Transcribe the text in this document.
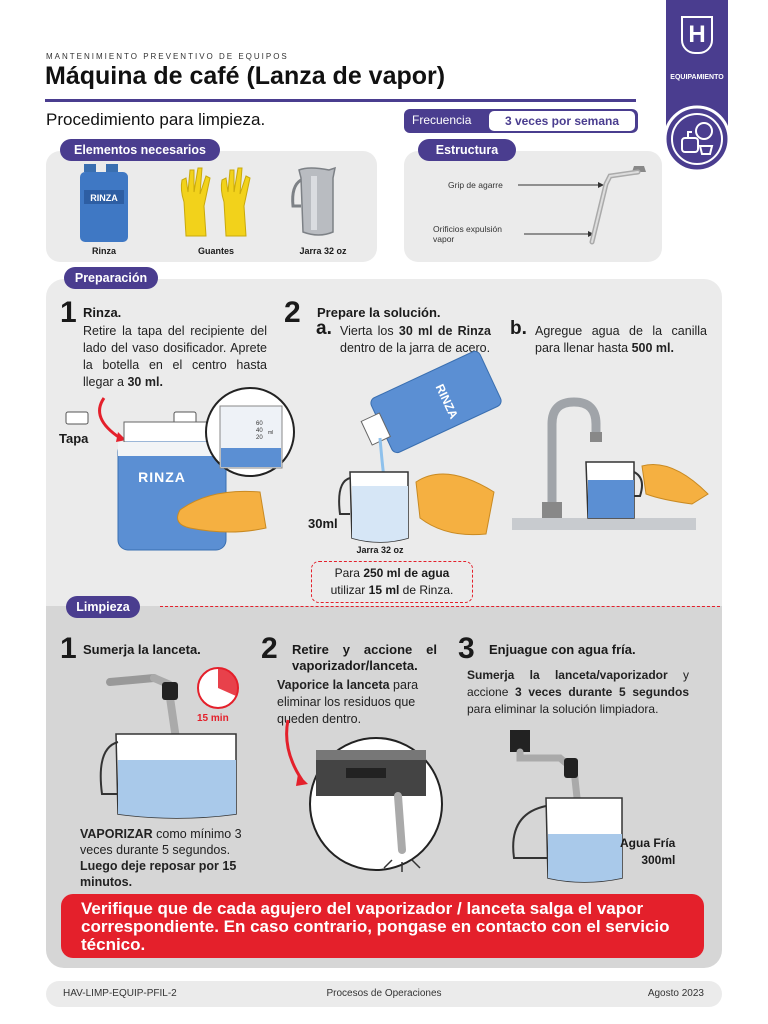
MANTENIMIENTO PREVENTIVO DE EQUIPOS
Máquina de café (Lanza de vapor)
Procedimiento para limpieza.	Frecuencia	3 veces por semana
H
EQUIPAMIENTO
Elementos necesarios
RINZA
Rinza	Guantes	Jarra 32 oz
Estructura
Grip de agarre
Orificios expulsión vapor
Preparación
1 Rinza.
Retire la tapa del recipiente del lado del vaso dosificador. Aprete la botella en el centro hasta llegar a 30 ml.
Tapa
RINZA
60
40
20
ml
2 Prepare la solución.
a. Vierta los 30 ml de Rinza dentro de la jarra de acero.
b. Agregue agua de la canilla para llenar hasta 500 ml.
RINZA
30ml
Jarra 32 oz
Para 250 ml de agua
utilizar 15 ml de Rinza.
Limpieza
1 Sumerja la lanceta.
15 min
VAPORIZAR como mínimo 3 veces durante 5 segundos.
Luego deje reposar por 15 minutos.
2 Retire y accione el vaporizador/lanceta.
Vaporice la lanceta para eliminar los residuos que queden dentro.
3 Enjuague con agua fría.
Sumerja la lanceta/vaporizador y accione 3 veces durante 5 segundos para eliminar la solución limpiadora.
Agua Fría
300ml
Verifique que de cada agujero del vaporizador / lanceta salga el vapor correspondiente. En caso contrario, pongase en contacto con el servicio técnico.
HAV-LIMP-EQUIP-PFIL-2	Procesos de Operaciones	Agosto 2023
